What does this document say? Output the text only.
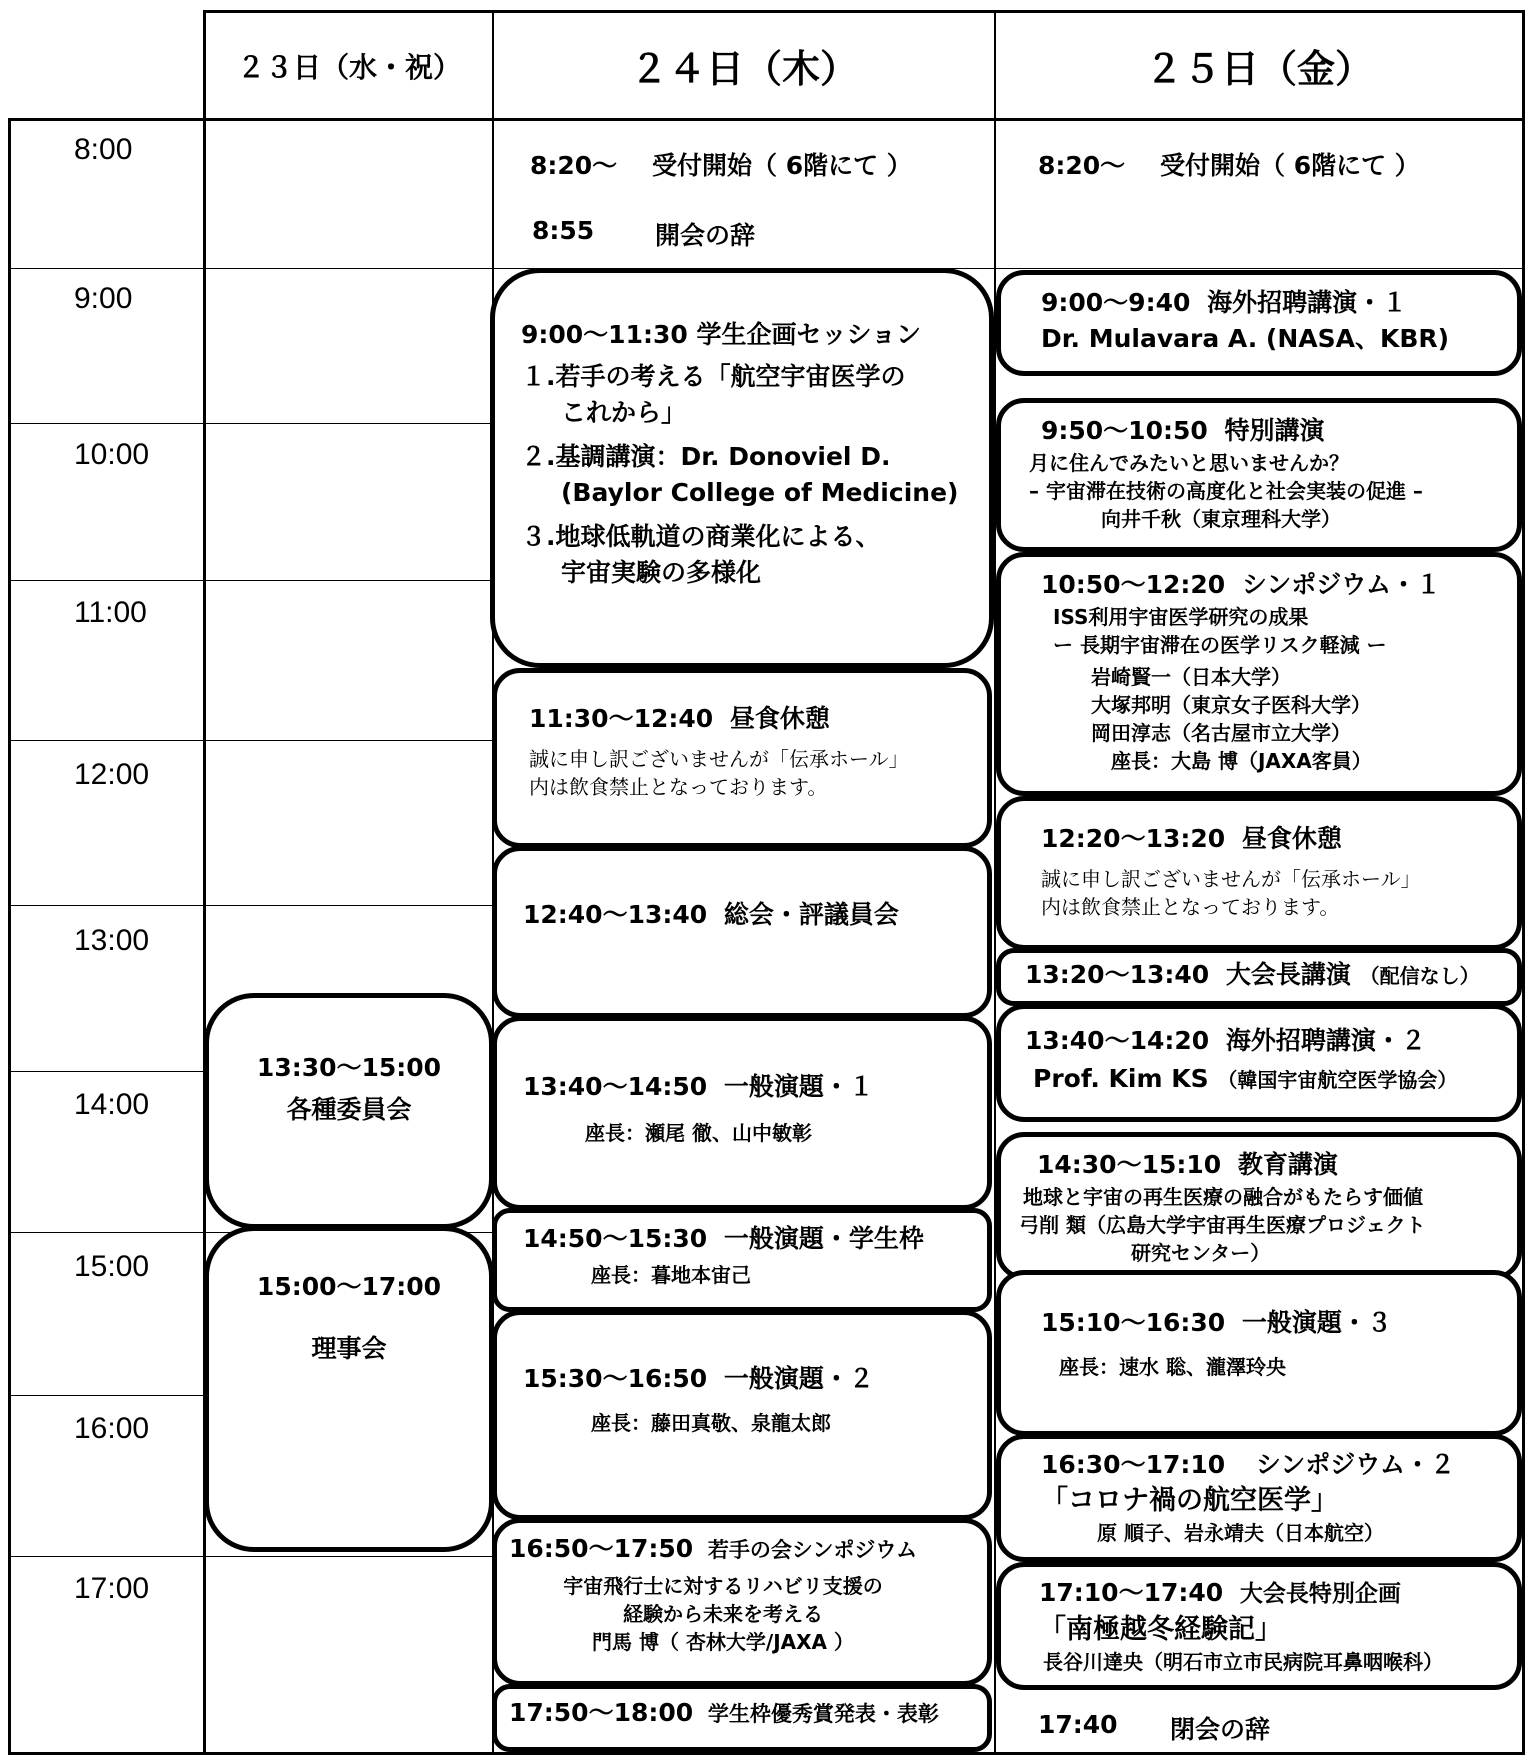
２３日（水・祝）	２４日（木）	２５日（金）
8:00
9:00
10:00
11:00
12:00
13:00
14:00
15:00
16:00
17:00
13:30〜15:00
各種委員会
15:00〜17:00
理事会
8:20〜 受付開始（ 6階にて ）
8:55 開会の辞
9:00〜11:30 学生企画セッション
１.若手の考える「航空宇宙医学の
これから」
２.基調講演：Dr. Donoviel D.
(Baylor College of Medicine)
３.地球低軌道の商業化による、
宇宙実験の多様化
11:30〜12:40 昼食休憩
誠に申し訳ございませんが「伝承ホール」
内は飲食禁止となっております。
12:40〜13:40 総会・評議員会
13:40〜14:50 一般演題・１
座長：瀬尾 徹、山中敏彰
14:50〜15:30 一般演題・学生枠
座長：暮地本宙己
15:30〜16:50 一般演題・２
座長：藤田真敬、泉龍太郎
16:50〜17:50 若手の会シンポジウム
宇宙飛行士に対するリハビリ支援の
経験から未来を考える
門馬 博（ 杏林大学/JAXA ）
17:50〜18:00 学生枠優秀賞発表・表彰
8:20〜 受付開始（ 6階にて ）
9:00〜9:40 海外招聘講演・１
Dr. Mulavara A. (NASA、KBR)
9:50〜10:50 特別講演
月に住んでみたいと思いませんか？
– 宇宙滞在技術の高度化と社会実装の促進 –
向井千秋（東京理科大学）
10:50〜12:20 シンポジウム・１
ISS利用宇宙医学研究の成果
ー 長期宇宙滞在の医学リスク軽減 ー
岩崎賢一（日本大学）
大塚邦明（東京女子医科大学）
岡田淳志（名古屋市立大学）
座長：大島 博（JAXA客員）
12:20〜13:20 昼食休憩
誠に申し訳ございませんが「伝承ホール」
内は飲食禁止となっております。
13:20〜13:40 大会長講演 （配信なし）
13:40〜14:20 海外招聘講演・２
Prof. Kim KS （韓国宇宙航空医学協会）
14:30〜15:10 教育講演
地球と宇宙の再生医療の融合がもたらす価値
弓削 類（広島大学宇宙再生医療プロジェクト
研究センター）
15:10〜16:30 一般演題・３
座長：速水 聡、瀧澤玲央
16:30〜17:10 シンポジウム・２
「コロナ禍の航空医学」
原 順子、岩永靖夫（日本航空）
17:10〜17:40 大会長特別企画
「南極越冬経験記」
長谷川達央（明石市立市民病院耳鼻咽喉科）
17:40 閉会の辞
